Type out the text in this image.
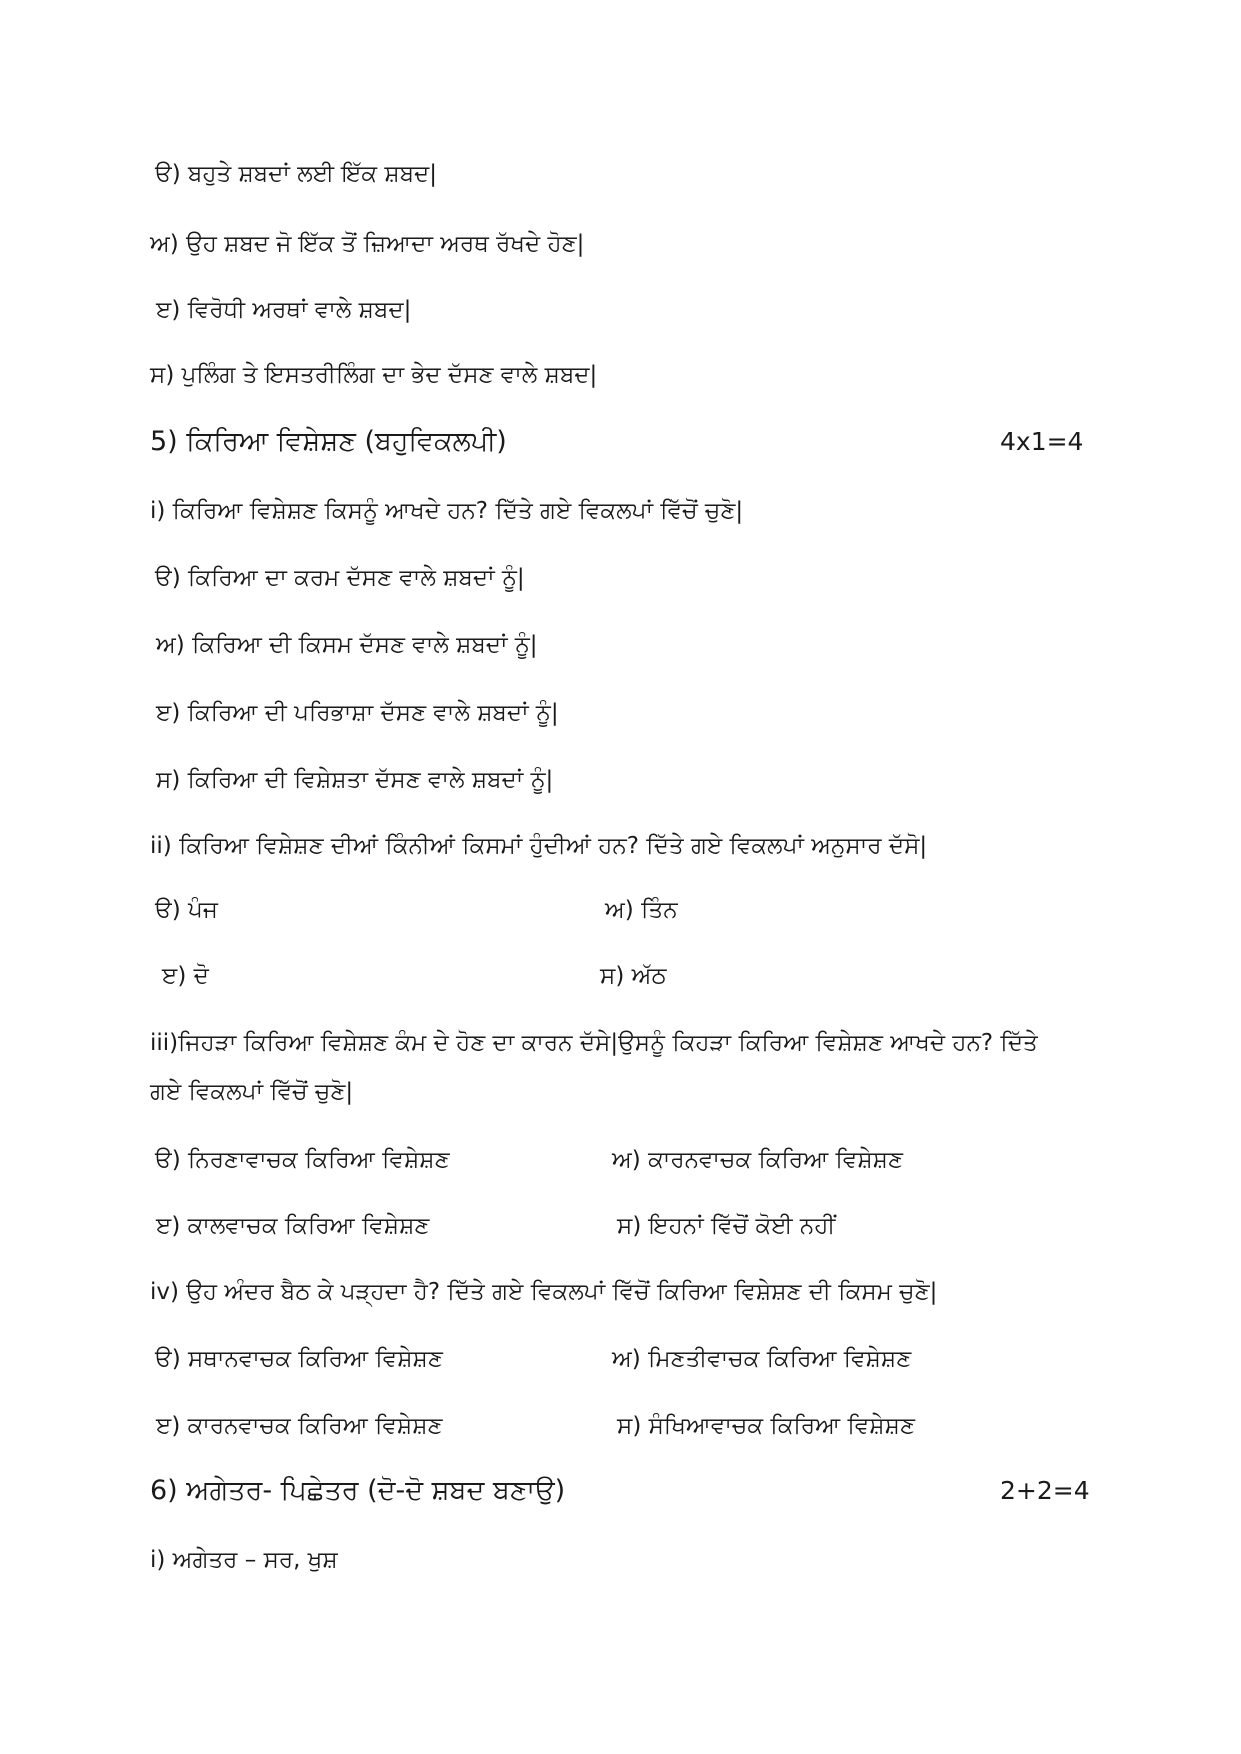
ੳ) ਬਹੁਤੇ ਸ਼ਬਦਾਂ ਲਈ ਇੱਕ ਸ਼ਬਦ|
ਅ) ਉਹ ਸ਼ਬਦ ਜੋ ਇੱਕ ਤੋਂ ਜ਼ਿਆਦਾ ਅਰਥ ਰੱਖਦੇ ਹੋਣ|
ੲ) ਵਿਰੋਧੀ ਅਰਥਾਂ ਵਾਲੇ ਸ਼ਬਦ|
ਸ) ਪੁਲਿੰਗ ਤੇ ਇਸਤਰੀਲਿੰਗ ਦਾ ਭੇਦ ਦੱਸਣ ਵਾਲੇ ਸ਼ਬਦ|
5) ਕਿਰਿਆ ਵਿਸ਼ੇਸ਼ਣ (ਬਹੁਵਿਕਲਪੀ)	4x1=4
i) ਕਿਰਿਆ ਵਿਸ਼ੇਸ਼ਣ ਕਿਸਨੂੰ ਆਖਦੇ ਹਨ? ਦਿੱਤੇ ਗਏ ਵਿਕਲਪਾਂ ਵਿੱਚੋਂ ਚੁਣੋ|
ੳ) ਕਿਰਿਆ ਦਾ ਕਰਮ ਦੱਸਣ ਵਾਲੇ ਸ਼ਬਦਾਂ ਨੂੰ|
ਅ) ਕਿਰਿਆ ਦੀ ਕਿਸਮ ਦੱਸਣ ਵਾਲੇ ਸ਼ਬਦਾਂ ਨੂੰ|
ੲ) ਕਿਰਿਆ ਦੀ ਪਰਿਭਾਸ਼ਾ ਦੱਸਣ ਵਾਲੇ ਸ਼ਬਦਾਂ ਨੂੰ|
ਸ) ਕਿਰਿਆ ਦੀ ਵਿਸ਼ੇਸ਼ਤਾ ਦੱਸਣ ਵਾਲੇ ਸ਼ਬਦਾਂ ਨੂੰ|
ii) ਕਿਰਿਆ ਵਿਸ਼ੇਸ਼ਣ ਦੀਆਂ ਕਿੰਨੀਆਂ ਕਿਸਮਾਂ ਹੁੰਦੀਆਂ ਹਨ? ਦਿੱਤੇ ਗਏ ਵਿਕਲਪਾਂ ਅਨੁਸਾਰ ਦੱਸੋ|
ੳ) ਪੰਜ	ਅ) ਤਿੰਨ
ੲ) ਦੋ	ਸ) ਅੱਠ
iii)ਜਿਹੜਾ ਕਿਰਿਆ ਵਿਸ਼ੇਸ਼ਣ ਕੰਮ ਦੇ ਹੋਣ ਦਾ ਕਾਰਨ ਦੱਸੇ|ਉਸਨੂੰ ਕਿਹੜਾ ਕਿਰਿਆ ਵਿਸ਼ੇਸ਼ਣ ਆਖਦੇ ਹਨ? ਦਿੱਤੇ
ਗਏ ਵਿਕਲਪਾਂ ਵਿੱਚੋਂ ਚੁਣੋ|
ੳ) ਨਿਰਣਾਵਾਚਕ ਕਿਰਿਆ ਵਿਸ਼ੇਸ਼ਣ	ਅ) ਕਾਰਨਵਾਚਕ ਕਿਰਿਆ ਵਿਸ਼ੇਸ਼ਣ
ੲ) ਕਾਲਵਾਚਕ ਕਿਰਿਆ ਵਿਸ਼ੇਸ਼ਣ	ਸ) ਇਹਨਾਂ ਵਿੱਚੋਂ ਕੋਈ ਨਹੀਂ
iv) ਉਹ ਅੰਦਰ ਬੈਠ ਕੇ ਪੜ੍ਹਦਾ ਹੈ? ਦਿੱਤੇ ਗਏ ਵਿਕਲਪਾਂ ਵਿੱਚੋਂ ਕਿਰਿਆ ਵਿਸ਼ੇਸ਼ਣ ਦੀ ਕਿਸਮ ਚੁਣੋ|
ੳ) ਸਥਾਨਵਾਚਕ ਕਿਰਿਆ ਵਿਸ਼ੇਸ਼ਣ	ਅ) ਮਿਣਤੀਵਾਚਕ ਕਿਰਿਆ ਵਿਸ਼ੇਸ਼ਣ
ੲ) ਕਾਰਨਵਾਚਕ ਕਿਰਿਆ ਵਿਸ਼ੇਸ਼ਣ	ਸ) ਸੰਖਿਆਵਾਚਕ ਕਿਰਿਆ ਵਿਸ਼ੇਸ਼ਣ
6) ਅਗੇਤਰ- ਪਿਛੇਤਰ (ਦੋ-ਦੋ ਸ਼ਬਦ ਬਣਾਉ)	2+2=4
i) ਅਗੇਤਰ – ਸਰ, ਖੁਸ਼
